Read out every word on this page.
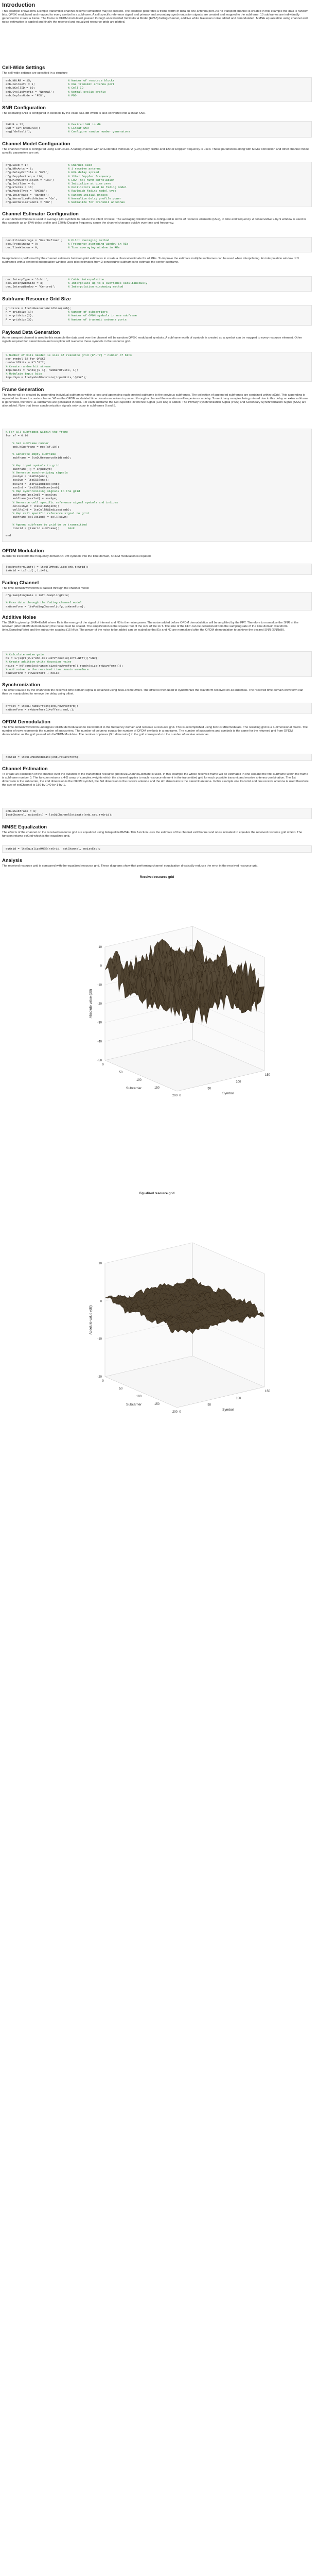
Introduction
This example shows how a simple transmitter-channel-receiver simulation may be created. The example generates a frame worth of data on one antenna port. As no transport channel is created in this example the data is random bits, QPSK modulated and mapped to every symbol in a subframe. A cell specific reference signal and primary and secondary synchronization signals are created and mapped to the subframe. 10 subframes are individually generated to create a frame. The frame is OFDM modulated, passed through an Extended Vehicular A Model (EVA5) fading channel, additive white Gaussian noise added and demodulated. MMSE equalization using channel and noise estimation is applied and finally the received and equalized resource grids are plotted.
Cell-Wide Settings
The cell-wide settings are specified in a structure
enb.NDLRB = 15;	% Number of resource blocks
enb.CellRefP = 1;	% One transmit antenna port
enb.NCellID = 10;	% Cell ID
enb.CyclicPrefix = 'Normal';	% Normal cyclic prefix
enb.DuplexMode = 'FDD';	% FDD
SNR Configuration
The operating SNR is configured in decibels by the value SNRdB which is also converted into a linear SNR.
SNRdB = 22;	% Desired SNR in dB
SNR = 10^(SNRdB/20);	% Linear SNR
rng('default');	% Configure random number generators
Channel Model Configuration
The channel model is configured using a structure. A fading channel with an Extended Vehicular A (EVA) delay profile and 120Hz Doppler frequency is used. These parameters along with MIMO correlation and other channel model specific parameters are set.
cfg.Seed = 1;	% Channel seed
cfg.NRxAnts = 1;	% 1 receive antenna
cfg.DelayProfile = 'EVA';	% EVA delay spread
cfg.DopplerFreq = 120;	% 120Hz Doppler frequency
cfg.MIMOCorrelation = 'Low';	% Low (no) MIMO correlation
cfg.InitTime = 0;	% Initialize at time zero
cfg.NTerms = 16;	% Oscillators used in fading model
cfg.ModelType = 'GMEDS';	% Rayleigh fading model type
cfg.InitPhase = 'Random';	% Random initial phases
cfg.NormalizePathGains = 'On';	% Normalize delay profile power
cfg.NormalizeTxAnts = 'On';	% Normalize for transmit antennas
Channel Estimator Configuration
A user defined window is used to average pilot symbols to reduce the effect of noise. The averaging window size is configured in terms of resource elements (REs), in time and frequency. A conservative 9-by-9 window is used in this example as an EVA delay profile and 120Hz Doppler frequency cause the channel changes quickly over time and frequency.
cec.PilotAverage = 'UserDefined'; % Pilot averaging method
cec.FreqWindow = 9;	% Frequency averaging window in REs
cec.TimeWindow = 9;	% Time averaging window in REs
Interpolation is performed by the channel estimator between pilot estimates to create a channel estimate for all REs. To improve the estimate multiple subframes can be used when interpolating. An interpolation window of 3 subframes with a centered interpolation window uses pilot estimates from 3 consecutive subframes to estimate the center subframe.
cec.InterpType = 'Cubic';	% Cubic interpolation
cec.InterpWinSize = 3;	% Interpolate up to 3 subframes simultaneously
cec.InterpWindow = 'Centred';	% Interpolation windowing method
Subframe Resource Grid Size
gridsize = lteDLResourceGridSize(enb);
K = gridsize(1);	% Number of subcarriers
L = gridsize(2);	% Number of OFDM symbols in one subframe
P = gridsize(3);	% Number of transmit antenna ports
Payload Data Generation
As no transport channel is used in this example the data sent over the channel will be random QPSK modulated symbols. A subframe worth of symbols is created so a symbol can be mapped to every resource element. Other signals required for transmission and reception will overwrite these symbols in the resource grid.
% Number of bits needed is size of resource grid (K*L*P) * number of bits
per symbol (2 for QPSK)
numberOfBits = K*L*P*2;
% Create random bit stream
inputBits = randi([0 1], numberOfBits, 1);
% Modulate input bits
inputSym = lteSymbolModulate(inputBits,'QPSK');
Frame Generation
The frame will be created by generating individual subframes within a loop and appending each created subframe to the previous subframes. The collection of appended subframes are contained within txGrid. This appending is repeated ten times to create a frame. When the OFDM modulated time domain waveform is passed through a channel the waveform will experience a delay. To avoid any samples being missed due to this delay an extra subframe is generated, therefore 11 subframes are generated in total. For each subframe the Cell-Specific Reference Signal (Cell RS) is added. The Primary Synchronization Signal (PSS) and Secondary Synchronization Signal (SSS) are also added. Note that these synchronization signals only occur in subframes 0 and 5.
% For all subframes within the frame
for sf = 0:10
% Set subframe number
enb.NSubframe = mod(sf,10);
% Generate empty subframe
subframe = lteDLResourceGrid(enb);
% Map input symbols to grid
subframe(:) = inputSym;
% Generate synchronizing signals
pssSym = ltePSS(enb);
sssSym = lteSSS(enb);
pssInd = ltePSSIndices(enb);
sssInd = lteSSSIndices(enb);
% Map synchronizing signals to the grid
subframe(pssInd) = pssSym;
subframe(sssInd) = sssSym;
% Generate cell specific reference signal symbols and indices
cellRsSym = lteCellRS(enb);
cellRsInd = lteCellRSIndices(enb);
% Map cell specific reference signal to grid
subframe(cellRsInd) = cellRsSym;
% Append subframe to grid to be transmitted
txGrid = [txGrid subframe];	%#ok
end
OFDM Modulation
In order to transform the frequency domain OFDM symbols into the time domain, OFDM modulation is required.
[txWaveform,info] = lteOFDMModulate(enb,txGrid);
txGrid = txGrid(:,1:140);
Fading Channel
The time domain waveform is passed through the channel model
cfg.SamplingRate = info.SamplingRate;
% Pass data through the fading channel model
rxWaveform = lteFadingChannel(cfg,txWaveform);
Additive Noise
The SNR is given by SNR=Es/N0 where Es is the energy of the signal of interest and N0 is the noise power. The noise added before OFDM demodulation will be amplified by the FFT. Therefore to normalize the SNR at the receiver (after OFDM demodulation) the noise must be scaled. The amplification is the square root of the size of the FFT. The size of the FFT can be determined from the sampling rate of the time domain waveform (info.SamplingRate) and the subcarrier spacing (15 kHz). The power of the noise to be added can be scaled so that Es and N0 are normalized after the OFDM demodulation to achieve the desired SNR (SNRdB).
% Calculate noise gain
N0 = 1/(sqrt(2.0*enb.CellRefP*double(info.Nfft))*SNR);
% Create additive white Gaussian noise
noise = N0*complex(randn(size(rxWaveform)),randn(size(rxWaveform)));
% Add noise to the received time domain waveform
rxWaveform = rxWaveform + noise;
Synchronization
The offset caused by the channel in the received time domain signal is obtained using lteDLFrameOffset. The offset is then used to synchronize the waveform received on all antennas. The received time domain waveform can then be manipulated to remove the delay using offset.
offset = lteDLFrameOffset(enb,rxWaveform);
rxWaveform = rxWaveform(1+offset:end,:);
OFDM Demodulation
The time domain waveform undergoes OFDM demodulation to transform it to the frequency domain and recreate a resource grid. This is accomplished using lteOFDMDemodulate. The resulting grid is a 3-dimensional matrix. The number of rows represents the number of subcarriers. The number of columns equals the number of OFDM symbols in a subframe. The number of subcarriers and symbols is the same for the returned grid from OFDM demodulation as the grid passed into lteOFDMModulate. The number of planes (3rd dimension) in the grid corresponds to the number of receive antennas.
rxGrid = lteOFDMDemodulate(enb,rxWaveform);
Channel Estimation
To create an estimation of the channel over the duration of the transmitted resource grid lteDLChannelEstimate is used. In this example the whole received frame will be estimated in one call and the first subframe within the frame is subframe number 0. The function returns a 4-D array of complex weights which the channel applies to each resource element in the transmitted grid for each possible transmit and receive antenna combination. The 1st dimension is the subcarrier, the 2nd dimension is the OFDM symbol, the 3rd dimension is the receive antenna and the 4th dimension is the transmit antenna. In this example one transmit and one receive antenna is used therefore the size of estChannel is 180-by-140-by-1-by-1.
enb.NSubframe = 0;
[estChannel, noiseEst] = lteDLChannelEstimate(enb,cec,rxGrid);
MMSE Equalization
The effects of the channel on the received resource grid are equalized using lteEqualizeMMSE. This function uses the estimate of the channel estChannel and noise noiseEst to equalize the received resource grid rxGrid. The function returns eqGrid which is the equalized grid.
eqGrid = lteEqualizeMMSE(rxGrid, estChannel, noiseEst);
Analysis
The received resource grid is compared with the equalized resource grid. These diagrams show that performing channel equalization drastically reduces the error in the received resource grid.
Received resource grid
-50
-40
-30
-20
-10
0
10
0
50
100
150
200 0
50
100
150
Subcarrier
Symbol
Absolute value (dB)
Equalized resource grid
-20
-10
0
10
0
50
100
150
200 0
50
100
150
Subcarrier
Symbol
Absolute value (dB)
